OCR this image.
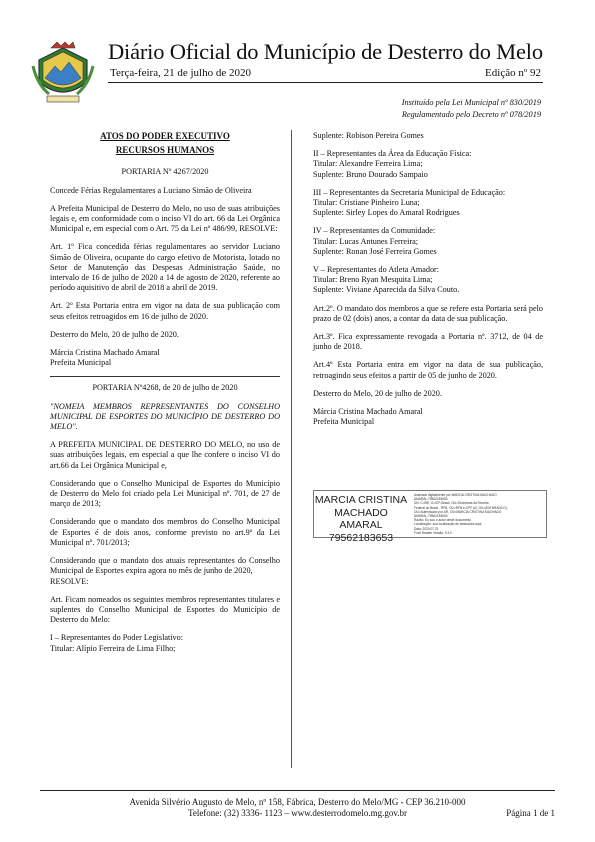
Diário Oficial do Município de Desterro do Melo
Terça-feira, 21 de julho de 2020	Edição nº 92
Instituído pela Lei Municipal nº 830/2019
Regulamentado pelo Decreto nº 078/2019
ATOS DO PODER EXECUTIVO
RECURSOS HUMANOS

PORTARIA Nº 4267/2020

Concede Férias Regulamentares a Luciano Simão de Oliveira

A Prefeita Municipal de Desterro do Melo, no uso de suas atribuições legais e, em conformidade com o inciso VI do art. 66 da Lei Orgânica Municipal e, em especial com o Art. 75 da Lei nº 486/99, RESOLVE:

Art. 1º Fica concedida férias regulamentares ao servidor Luciano Simão de Oliveira, ocupante do cargo efetivo de Motorista, lotado no Setor de Manutenção das Despesas Administração Saúde, no intervalo de 16 de julho de 2020 a 14 de agosto de 2020, referente ao período aquisitivo de abril de 2018 a abril de 2019.

Art. 2º Esta Portaria entra em vigor na data de sua publicação com seus efeitos retroagidos em 16 de julho de 2020.

Desterro do Melo, 20 de julho de 2020.

Márcia Cristina Machado Amaral

Prefeita Municipal

PORTARIA Nº4268, de 20 de julho de 2020

"NOMEIA MEMBROS REPRESENTANTES DO CONSELHO MUNICIPAL DE ESPORTES DO MUNICÍPIO DE DESTERRO DO MELO".

A PREFEITA MUNICIPAL DE DESTERRO DO MELO, no uso de suas atribuições legais, em especial a que lhe confere o inciso VI do art.66 da Lei Orgânica Municipal e,

Considerando que o Conselho Municipal de Esportes do Município de Desterro do Melo foi criado pela Lei Municipal nº. 701, de 27 de março de 2013;

Considerando que o mandato dos membros do Conselho Municipal de Esportes é de dois anos, conforme previsto no art.9º da Lei Municipal nº. 701/2013;

Considerando que o mandato dos atuais representantes do Conselho Municipal de Esportes expira agora no mês de junho de 2020,

RESOLVE:

Art. Ficam nomeados os seguintes membros representantes titulares e suplentes do Conselho Municipal de Esportes do Município de Desterro do Melo:

I – Representantes do Poder Legislativo:

Titular: Alípio Ferreira de Lima Filho;

Suplente: Robison Pereira Gomes

II – Representantes da Área da Educação Física:

Titular: Alexandre Ferreira Lima;

Suplente: Bruno Dourado Sampaio

III – Representantes da Secretaria Municipal de Educação:

Titular: Cristiane Pinheiro Luna;

Suplente: Sirley Lopes do Amaral Rodrigues

IV – Representantes da Comunidade:

Titular: Lucas Antunes Ferreira;

Suplente: Ronan José Ferreira Gomes

V – Representantes do Atleta Amador:

Titular: Breno Ryan Mesquita Lima;

Suplente: Viviane Aparecida da Silva Couto.

Art.2º. O mandato dos membros a que se refere esta Portaria será pelo prazo de 02 (dois) anos, a contar da data de sua publicação.

Art.3º. Fica expressamente revogada a Portaria nº. 3712, de 04 de junho de 2018.

Art.4º Esta Portaria entra em vigor na data de sua publicação, retroagindo seus efeitos a partir de 05 de junho de 2020.

Desterro do Melo, 20 de julho de 2020.

Márcia Cristina Machado Amaral

Prefeita Municipal

MARCIA CRISTINA
MACHADO AMARAL
79562183653
Assinado digitalmente por MARCIA CRISTINA MACHADO
AMARAL:79562183653
DN: C=BR, O=ICP-Brasil, OU=Secretaria da Receita
Federal do Brasil - RFB, OU=RFB e-CPF A3, OU=(EM BRANCO),
OU=Autenticado por AR, CN=MARCIA CRISTINA MACHADO
AMARAL:79562183653
Razão: Eu sou o autor deste documento
Localização: sua localização de assinatura aqui
Data: 2020.07.21
Foxit Reader Versão: 9.3.0
Avenida Silvério Augusto de Melo, nº 158, Fábrica, Desterro do Melo/MG - CEP 36.210-000
Telefone: (32) 3336- 1123 – www.desterrodomelo.mg.gov.br	Página 1 de 1
